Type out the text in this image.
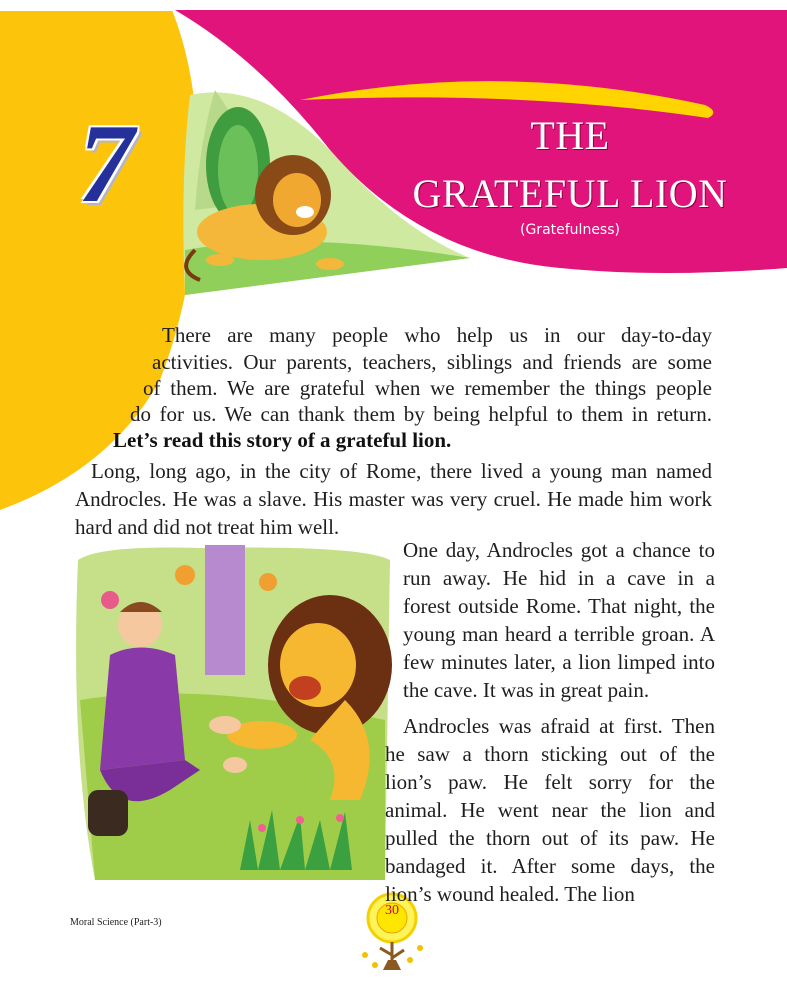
7	THE
GRATEFUL LION
(Gratefulness)
There are many people who help us in our day-to-day
activities. Our parents, teachers, siblings and friends are some
of them. We are grateful when we remember the things people
do for us. We can thank them by being helpful to them in return.
Let’s read this story of a grateful lion.

Long, long ago, in the city of Rome, there lived a young man named Androcles. He was a slave. His master was very cruel. He made him work hard and did not treat him well.

One day, Androcles got a chance to run away. He hid in a cave in a forest outside Rome. That night, the young man heard a terrible groan. A few minutes later, a lion limped into the cave. It was in great pain.

Androcles was afraid at first. Then he saw a thorn sticking out of the lion’s paw. He felt sorry for the animal. He went near the lion and pulled the thorn out of its paw. He bandaged it. After some days, the lion’s wound healed. The lion

Moral Science (Part-3)
30
